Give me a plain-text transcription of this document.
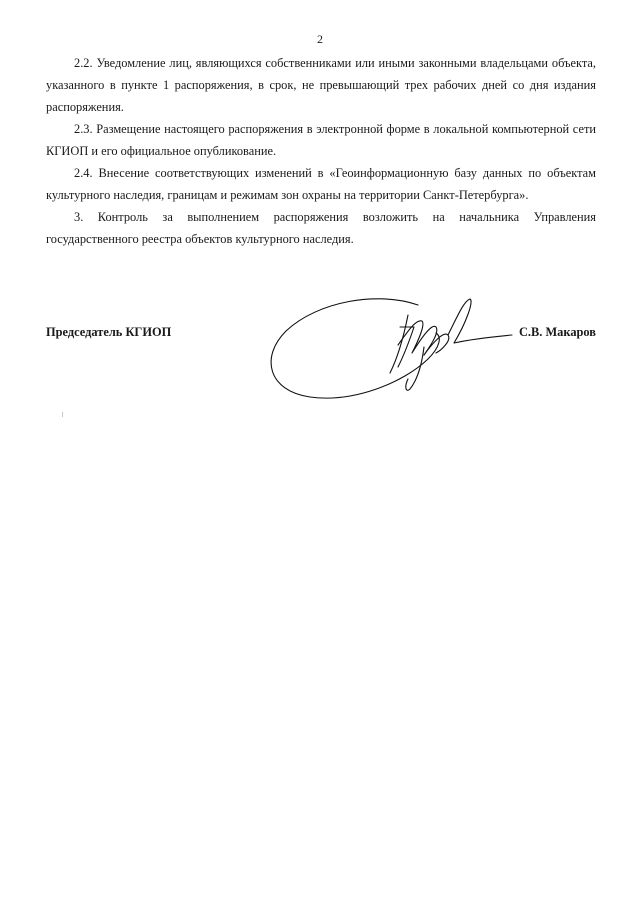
2

2.2. Уведомление лиц, являющихся собственниками или иными законными владельцами объекта, указанного в пункте 1 распоряжения, в срок, не превышающий трех рабочих дней со дня издания распоряжения.

2.3. Размещение настоящего распоряжения в электронной форме в локальной компьютерной сети КГИОП и его официальное опубликование.

2.4. Внесение соответствующих изменений в «Геоинформационную базу данных по объектам культурного наследия, границам и режимам зон охраны на территории Санкт-Петербурга».

3. Контроль за выполнением распоряжения возложить на начальника Управления государственного реестра объектов культурного наследия.

Председатель КГИОП	С.В. Макаров
